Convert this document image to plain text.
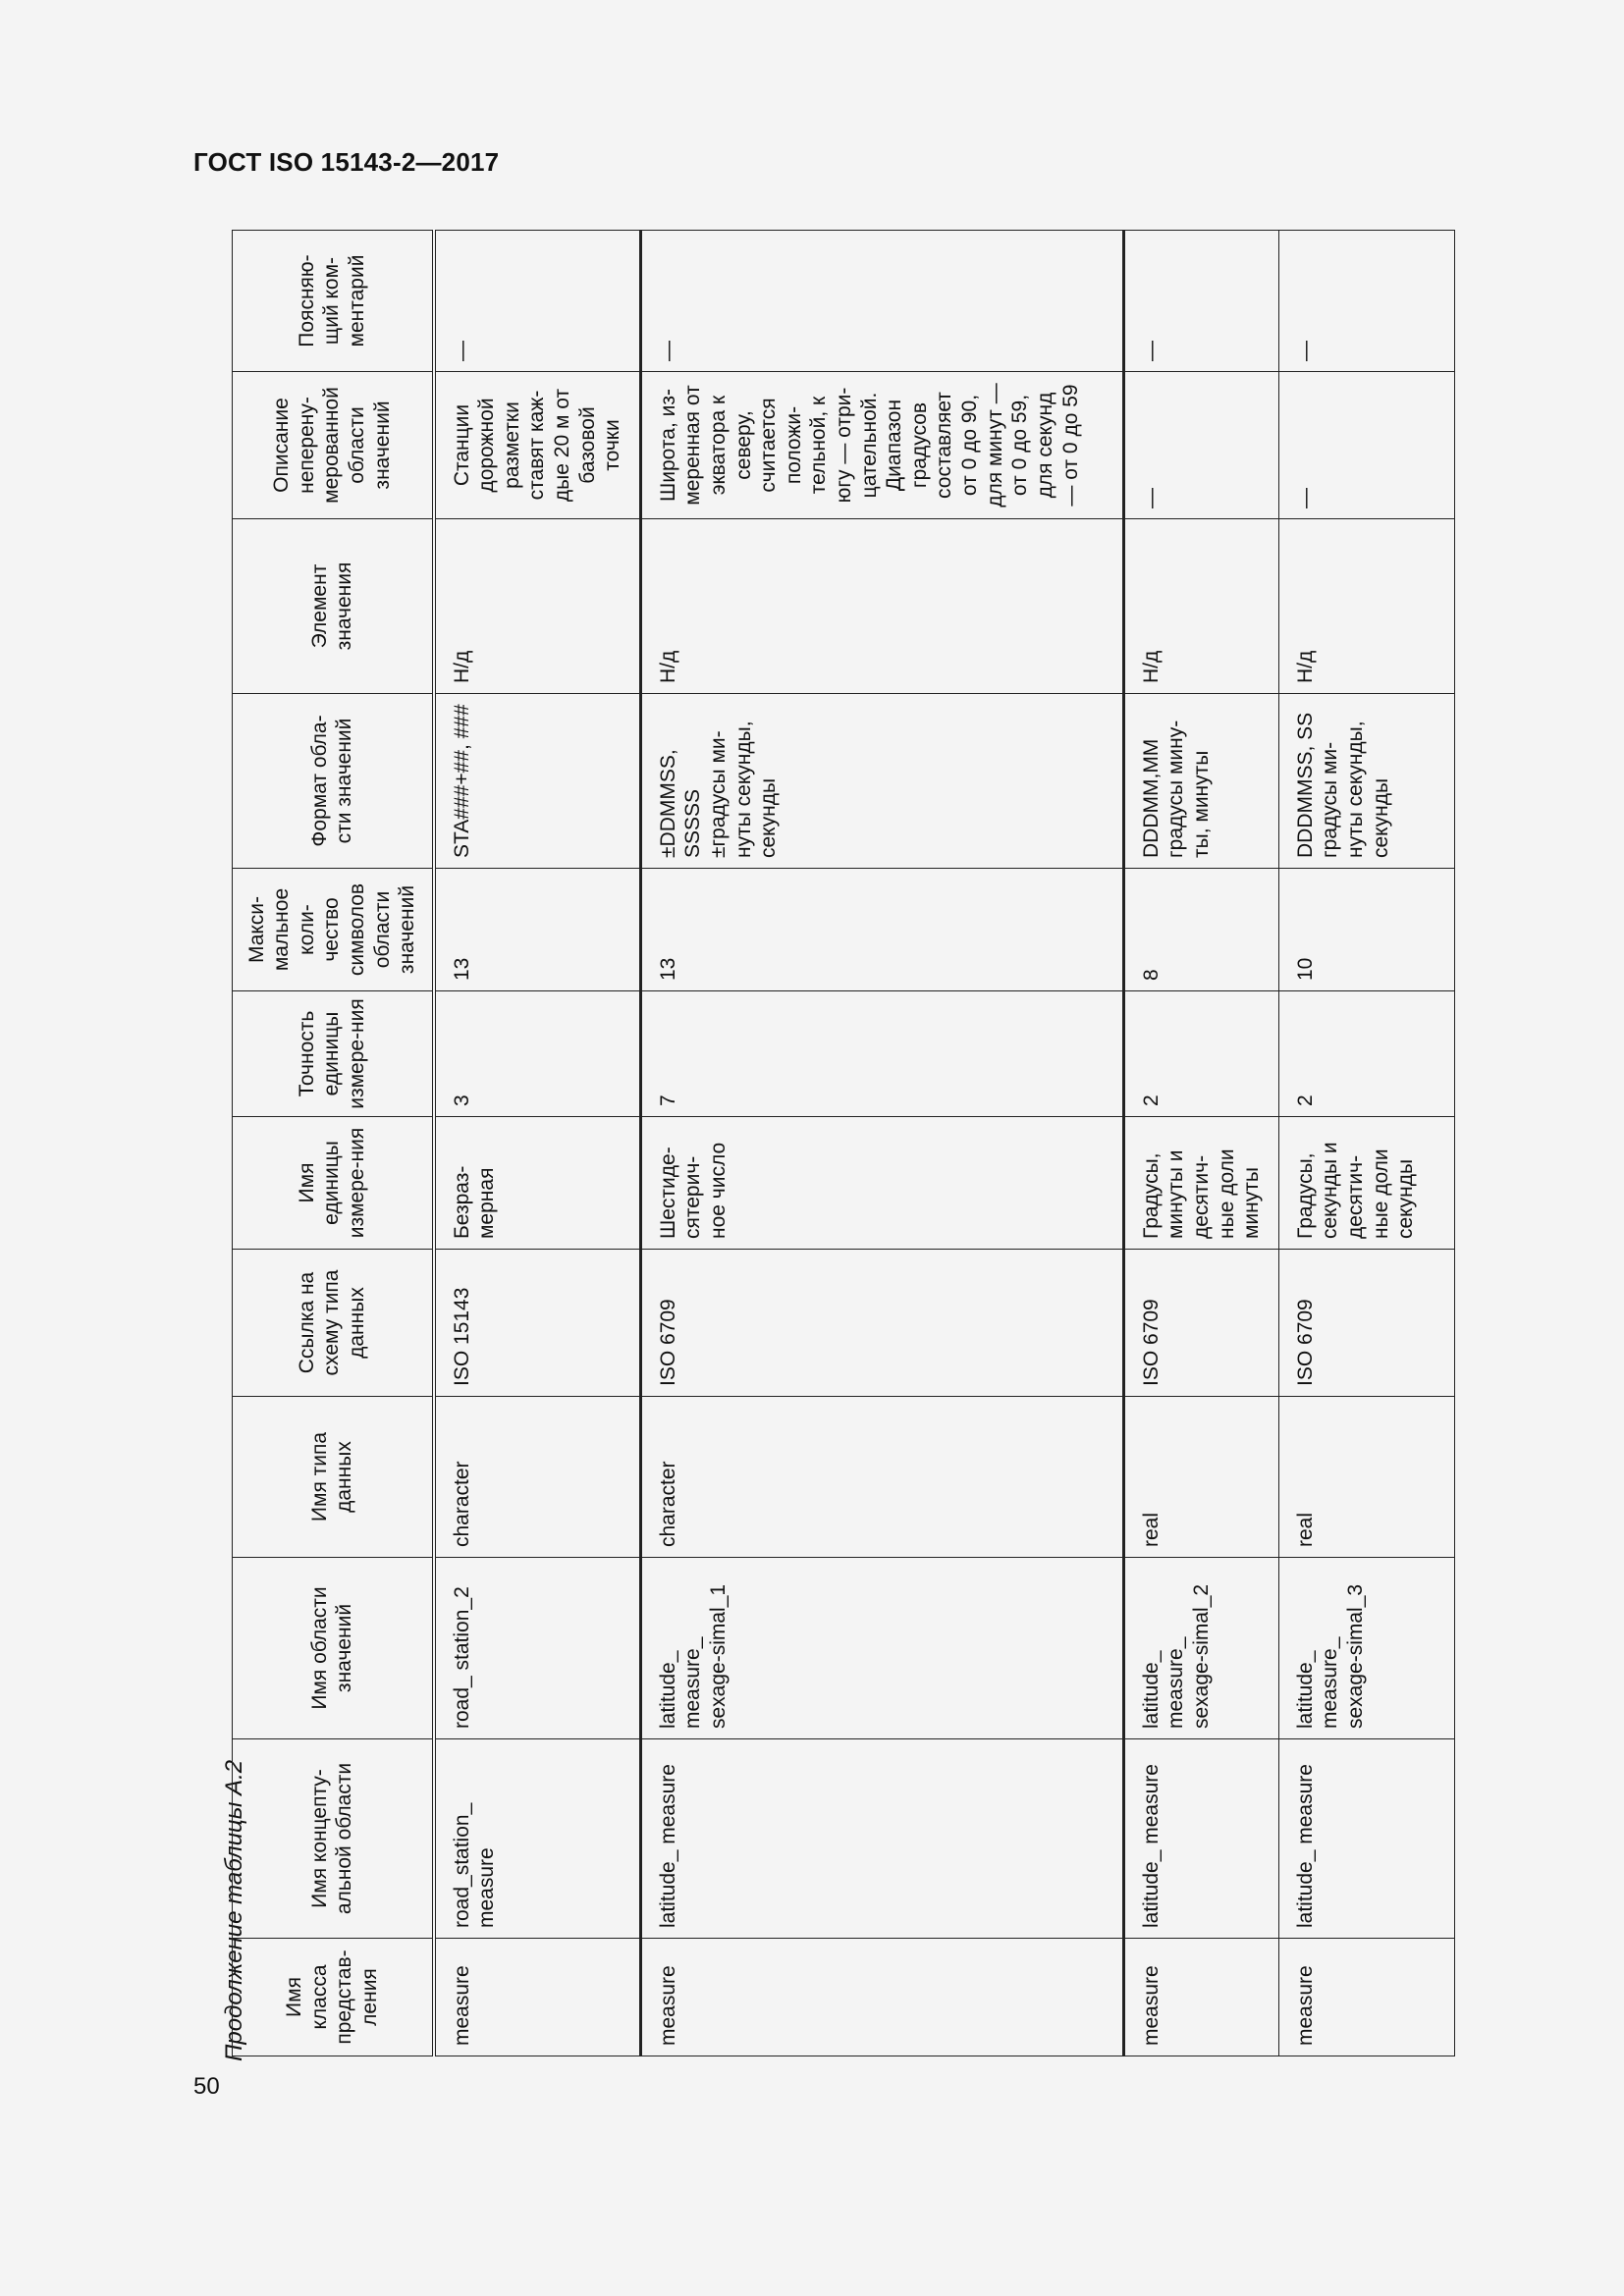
ГОСТ ISO 15143-2—2017
Продолжение таблицы А.2 Имя класса представ-ления	Имя концепту-альной области	Имя области значений	Имя типа данных	Ссылка на схему типа данных	Имя единицы измере-ния	Точность единицы измере-ния	Макси-мальное коли-чество символов области значений	Формат обла-сти значений	Элемент значения	Описание неперену-мерованной области значений	Поясняю-щий ком-ментарий
measure	road_station_ measure	road_ station_2	character	ISO 15143	Безраз-мерная	3	13	STA###+##, ###	Н/д	Станции дорожной разметки ставят каж-дые 20 м от базовой точки	—
measure	latitude_ measure	latitude_ measure_ sexage-simal_1	character	ISO 6709	Шестиде-сятерич-ное число	7	13	±DDMMSS, SSSSS ±градусы ми-нуты секунды, секунды	Н/д	Широта, из-меренная от экватора к северу, считается положи-тельной, к югу — отри-цательной. Диапазон градусов составляет от 0 до 90, для минут — от 0 до 59, для секунд — от 0 до 59	—
measure	latitude_ measure	latitude_ measure_ sexage-simal_2	real	ISO 6709	Градусы, минуты и десятич-ные доли минуты	2	8	DDDMM,MM градусы мину-ты, минуты	Н/д	—	—
measure	latitude_ measure	latitude_ measure_ sexage-simal_3	real	ISO 6709	Градусы, секунды и десятич-ные доли секунды	2	10	DDDMMSS, SS градусы ми-нуты секунды, секунды	Н/д	—	—
50
